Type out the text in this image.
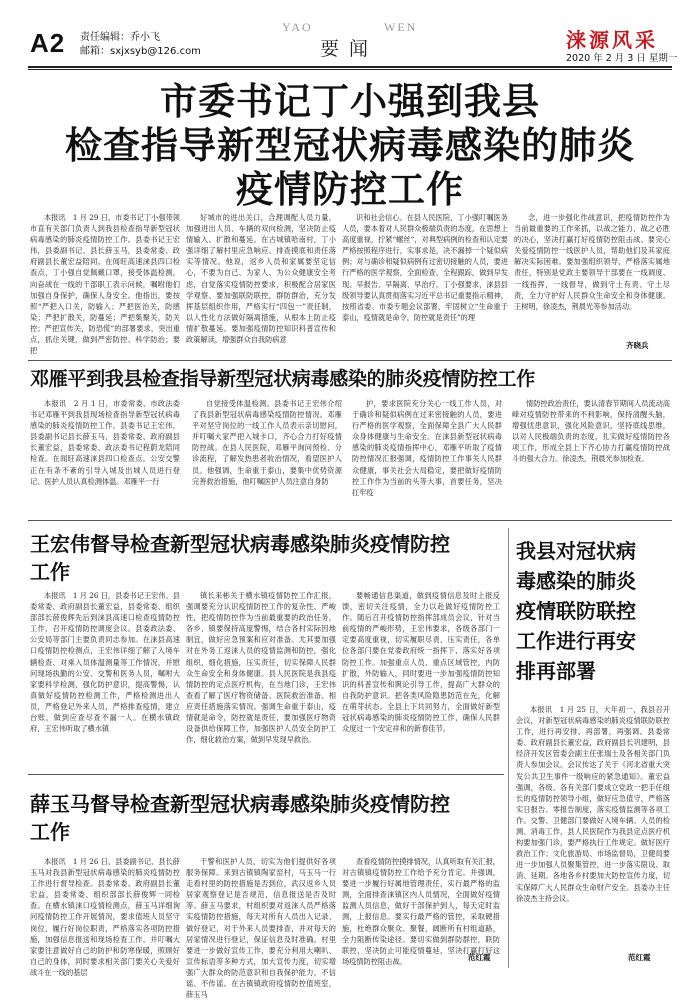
A2 责任编辑：乔小飞
邮箱：sxjxsyb@126.com
YAO	WEN
要闻	涞源风采
2020 年 2 月 3 日 星期一
市委书记丁小强到我县
检查指导新型冠状病毒感染的肺炎
疫情防控工作

本报讯　1 月 29 日，市委书记丁小强带领市直有关部门负责人到我县检查指导新型冠状病毒感染的肺炎疫情防控工作。县委书记王宏伟，县委副书记、县长薛玉马，县委常委、政府副县长董宏益陪同。在闻旺高速涞县四口检查点，丁小强自觉佩戴口罩，接受体温检测，向奋战在一线的干部职工表示问候，嘱咐他们加强自身保护，确保人身安全。他指出，要按照“严把入口关，防输入；严把医治关，防感染；严把扩散关，防蔓延；严把集聚关，防关控；严把宣传关，防恐慌”的部署要求，突出重点，抓住关键，做到严密防控、科学防治；要把

好城市的进出关口，合理调配人员力量，加强进出人员、车辆的双向检测，坚决防止疫情输入、扩散和蔓延。在古城镇哈南村，丁小强详细了解村里应急响应、排查摸底和责任落实等情况。他说，返乡人员和家属要坚定信心，不要为自己、为家人、为公众健康安全考虑，自觉落实疫情防控要求，积极配合居家医学观察。要加强联防联控，群防群治，充分发挥基层组织作用，严格实行“四包一”责任制，以人性化方法做好隔离措施，从根本上防止疫情扩散蔓延。要加强疫情防控知识科普宣传和政策解读，增强群众自我防病意

识和社会信心。在县人民医院，丁小强叮嘱医务人员，要本着对人民群众极端负责的态度，在思想上高度重视，拧紧“螺丝”，对典型病例的检查和认定要严格按照程序进行，实事求是，决不漏掉一个疑似病例；对与确诊和疑似病例有过密切接触的人员，要进行严格的医学观察，全面检查、全程跟踪，做到早发现、早报告、早隔离、早治疗。丁小强要求，涞县县级领导要认真贯彻落实习近平总书记重要指示精神，按照省委、市委专题会议部署，牢固树立“生命重于泰山，疫情就是命令，防控就是责任”的理

念，进一步强化作战意识，把疫情防控作为当前最重要的工作来抓，以战之能力、战之必胜的决心，坚决打赢打好疫情防控阻击战。要完心关爱疫情防控一线医护人员，帮助他们及其家庭解决实际困难。要加强组织领导，严格落实属地责任，特别是党政主要领导干部要在一线调度、一线指挥，一线督导，做到守土有责、守土尽责，全力守护好人民群众生命安全和身体健康。王树明，徐凌杰，荆晨光等参加活动。

齐晓兵
邓雁平到我县检查指导新型冠状病毒感染的肺炎疫情防控工作

本报讯　2 月 1 日，市委常委、市政法委书记邓雁平到我县现场检查指导新型冠状病毒感染的肺炎疫情防控工作。县委书记王宏伟，县委副书记县长薛玉马，县委常委、政府副县长董宏益，县委常委、政法委书记程蔚龙陪同检查。在闻旺高速涞县四口检查点，公安交警正在有条不紊的引导入城及出城人员进行登记、医护人员认真检测体温。邓雁平一行

自觉接受体温检测。县委书记王宏伟介绍了我县新型冠状病毒感染疫情防控情况。邓雁平对坚守岗位的一线工作人员表示亲切慰问，并叮嘱大家严把入城卡口，齐心合力打好疫情防控战。在县人民医院，邓雁平询问预检、分诊流程，了解发热患者收治情况，看望医护人员。他强调，生命重于泰山，要集中优势资源完善救治措施，他叮嘱医护人员注意自身防

护，要求医院充分关心一线工作人员，对于确诊和疑似病例在过来密接触的人员，要进行严格的医学观察，全面保障全县广大人民群众身体健康与生命安全。在涞县新型冠状病毒感染的肺炎疫情指挥中心，邓雁平听取了疫情防控情况汇报强调，疫情防控工作事关人民群众健康，事关社会大局稳定，要把做好疫情防控工作作为当前的头等大事，首要任务，坚决扛牢疫

情防控政治责任，要认清春节期间人员流动高峰对疫情防控带来的不利影响，保持清醒头脑，增强忧患意识，强化风险意识，坚持底线思维，以对人民极端负责的态度，扎实做好疫情防控各项工作，形成全县上下齐心协力打赢疫情防控战斗的强大合力。徐凌杰，荆晨光参加检查。

王宏伟督导检查新型冠状病毒感染肺炎疫情防控
工作

本报讯　1 月 26 日，县委书记王宏伟、县委常委、政府副县长董宏益，县委常委、组织部部长薛俊辉先后到涞县高速口检查疫情防控工作，召开疫情防控调度会议。县委政法委、公安局等部门主要负责同志参加。在涞县高速口疫情防控检测点，王宏伟详细了解了入境车辆检查、对乘入员体温测量等工作情况，并慰问现场执勤的公安、交警和医务人员，嘱咐大家要科学检测，强化防护意识，提高警惕，认真做好疫情防控检测工作，严格检测进出人员，严格登记外来人员，严格排查疫情，建立台账，做到应查尽查不漏一人。在横水镇政府，王宏伟听取了横水镇

镇长来彬关于横水镇疫情防控工作汇报，强调要充分认识疫情防控工作的复杂性、严峻性，把疫情防控作为当前最重要的政治任务，各乡、镇要保持高度警惕，结合各村实际因地制宜，做好应急预案和应对准备。尤其要加强对在外务工返涞人员的疫情监测和防控，强化组织，细化措施，压实责任，切实保障人民群众生命安全和身体健康。县人民医院是我县疫情防控的定点医疗机构，在当地门诊，王宏伟查看了解了医疗物资储备、医院救治准备、相应责任措施落实情况。强调生命重于泰山，疫情就是命令，防控就是责任，要加强医疗物资设备供给保障工作，加强医护人员安全防护工作，细化救治方案，做到早发现早救治。

要畅通信息渠道，做到疫情信息及时上报反馈，密切关注疫情，全力以赴做好疫情防控工作。随后召开疫情防控指挥部成员会议，针对当前疫情的严峻形势，王宏伟要求，各级各部门一定要高度重视，切实履职尽责，压实责任，各单位各部门要在党委政府统一指挥下，落实好各项防控工作。加强重点人员、重点区域管控，内防扩散，外防输入，同时要进一步加强疫情防控知识的科普宣传和舆论引导工作，提高广大群众的自我防护意识。把各类风险隐患防范在先，化解在萌芽状态。全县上下共同努力，全面做好新型冠状病毒感染的肺炎疫情防控工作，确保人民群众度过一个安定祥和的新春佳节。

我县对冠状病
毒感染的肺炎
疫情联防联控
工作进行再安
排再部署

本报讯　1 月 25 日，大年初一，我县召开会议，对新型冠状病毒感染的肺炎疫情联防联控工作，进行再安排、再部署，再强调。县委常委、政府副县长董宏益，政府副县长巩建明，县经济开发区管委会副主任张瑞士及各相关部门负责人参加会议。会议传达了关于《河北省重大突发公共卫生事件一级响应的紧急通知》。董宏益强调，各级、各有关部门要成立党政一把手任组长的疫情防控领导小组，做好应急值守，严格落实日报告、零报告制度，落实疫情监测等各项工作。交警、卫健部门要做好入境车辆、人员的检测、消毒工作，县人民医院作为我县定点医疗机构要加强门诊，要严格执行工作规定。做好医疗救治工作；文化旅游局、市场监督局，卫健局要进一步加强人员聚集管控，进一步落实限设、取消、延期。各地各乡村要加大防控宣传力度，切实保障广大人民群众生命财产安全。县委办主任徐凌杰主持会议。

范红霞
薛玉马督导检查新型冠状病毒感染肺炎疫情防控
工作

本报讯　1 月 26 日，县委副书记、县长薛玉马对我县新型冠状病毒感染的肺炎疫情防控工作进行督导检查。县委常委、政府副县长董宏益，县委常委、组织部部长薛俊辉一同检查。在横水镇涞口疫情检测点，薛玉马详细询问疫情防控工作开展情况，要求值班人员坚守岗位，履行好岗位职责，严格落实各项防控措施，加强信息报送和现场检查工作。并叮嘱大家要注意做好自己的防护和防寒保暖，照顾好自己的身体，同时要求相关部门要关心关爱好战斗在一线的基层

干警和医护人员，切实为他们提供好各项服务保障。来到古镇镇陶家窑村，马玉马一行走看村里的防控措施是否到位，武汉返乡人员居家观察登记是否规范，信息报送是否及时等。薛玉马要求，村组织要对返涞人员严格落实疫情防控措施，每天对所有人员出入记录、做好登记，对于外来人员要排查，并对每天的居家情况进行登记，保证信息及时准确。村里要进一步做好宣传工作，要充分利用大喇叭、宣传标语等多种方式，加大宣传力度，切实增强广大群众的防范意识和自我保护能力，不信谣、不传谣。在古镇镇政府疫情防控值班室，薛玉马

查看疫情防控摸排情况，认真听取有关汇报，对古镇镇疫情防控工作给予充分肯定。并强调，要进一步履行好属地管理责任，实行最严格的监测，全面排查涞镇区内人员情况，全面做好疫情监测人员信息，做好干部保护到人，每天定时监测，上报信息。要实行最严格的管控，采取硬措施，杜绝群众聚众、聚餐，阔断所有村组道路，全力阻断传染途径。要切实做到群防群控，联防联控，坚决防止可能疫情蔓延，坚决打赢打好这场疫情防控阻击战。	范红霞
